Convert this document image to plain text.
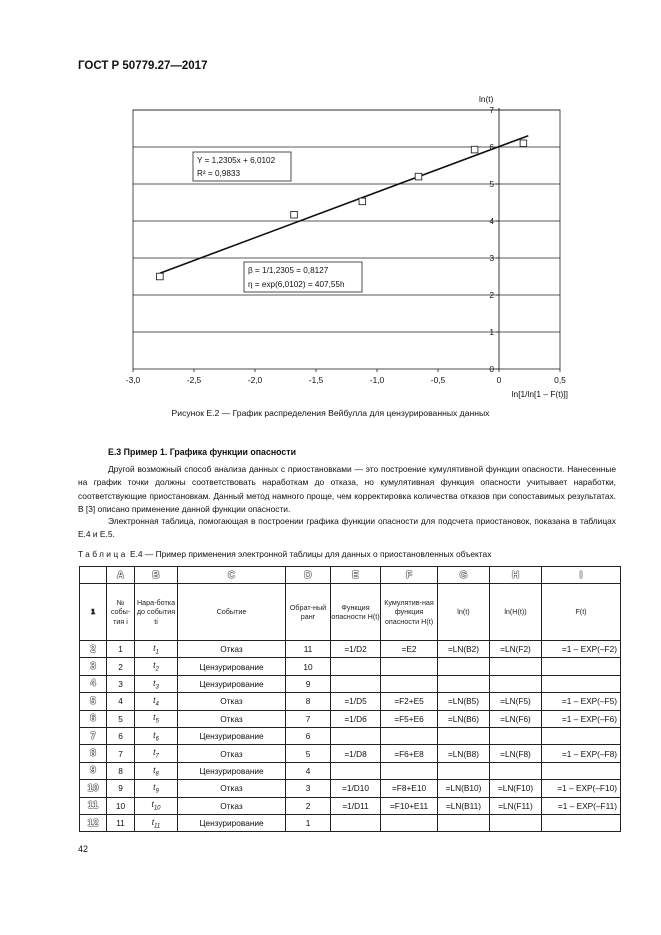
ГОСТ Р 50779.27—2017
0
1
2
3
4
5
6
7
-3,0	-2,5	-2,0	-1,5	-1,0	-0,5	0	0,5
ln(t)
ln[1/ln[1 – F(t)]]
Y = 1,2305x + 6,0102
R² = 0,9833
β = 1/1,2305 = 0,8127
η = exp(6,0102) = 407,55h
Рисунок Е.2 — График распределения Вейбулла для цензурированных данных
Е.3 Пример 1. Графика функции опасности

Другой возможный способ анализа данных с приостановками — это построение кумулятивной функции опасности. Нанесенные на график точки должны соответствовать наработкам до отказа, но кумулятивная функция опасности учитывает наработки, соответствующие приостановкам. Данный метод намного проще, чем корректировка количества отказов при сопоставимых результатах. В [3] описано применение данной функции опасности.

Электронная таблица, помогающая в построении графика функции опасности для подсчета приостановок, показана в таблицах Е.4 и Е.5.

Таблица Е.4 — Пример применения электронной таблицы для данных о приостановленных объектах
	A	B	C	D	E	F	G	H	I
1	№ собы-тия i	Нара-ботка до события ti	Событие	Обрат-ный ранг	Функция опасности H(t)	Кумулятив-ная функция опасности H(t)	ln(t)	ln(H(t))	F(t)
2	1	$t_1$	Отказ	11	=1/D2	=E2	=LN(B2)	=LN(F2)	=1 – EXP(–F2)
3	2	$t_2$	Цензурирование	10					
4	3	$t_3$	Цензурирование	9					
5	4	$t_4$	Отказ	8	=1/D5	=F2+E5	=LN(B5)	=LN(F5)	=1 – EXP(–F5)
6	5	$t_5$	Отказ	7	=1/D6	=F5+E6	=LN(B6)	=LN(F6)	=1 – EXP(–F6)
7	6	$t_6$	Цензурирование	6					
8	7	$t_7$	Отказ	5	=1/D8	=F6+E8	=LN(B8)	=LN(F8)	=1 – EXP(–F8)
9	8	$t_8$	Цензурирование	4					
10	9	$t_9$	Отказ	3	=1/D10	=F8+E10	=LN(B10)	=LN(F10)	=1 – EXP(–F10)
11	10	$t_{10}$	Отказ	2	=1/D11	=F10+E11	=LN(B11)	=LN(F11)	=1 – EXP(–F11)
12	11	$t_{11}$	Цензурирование	1					
42
